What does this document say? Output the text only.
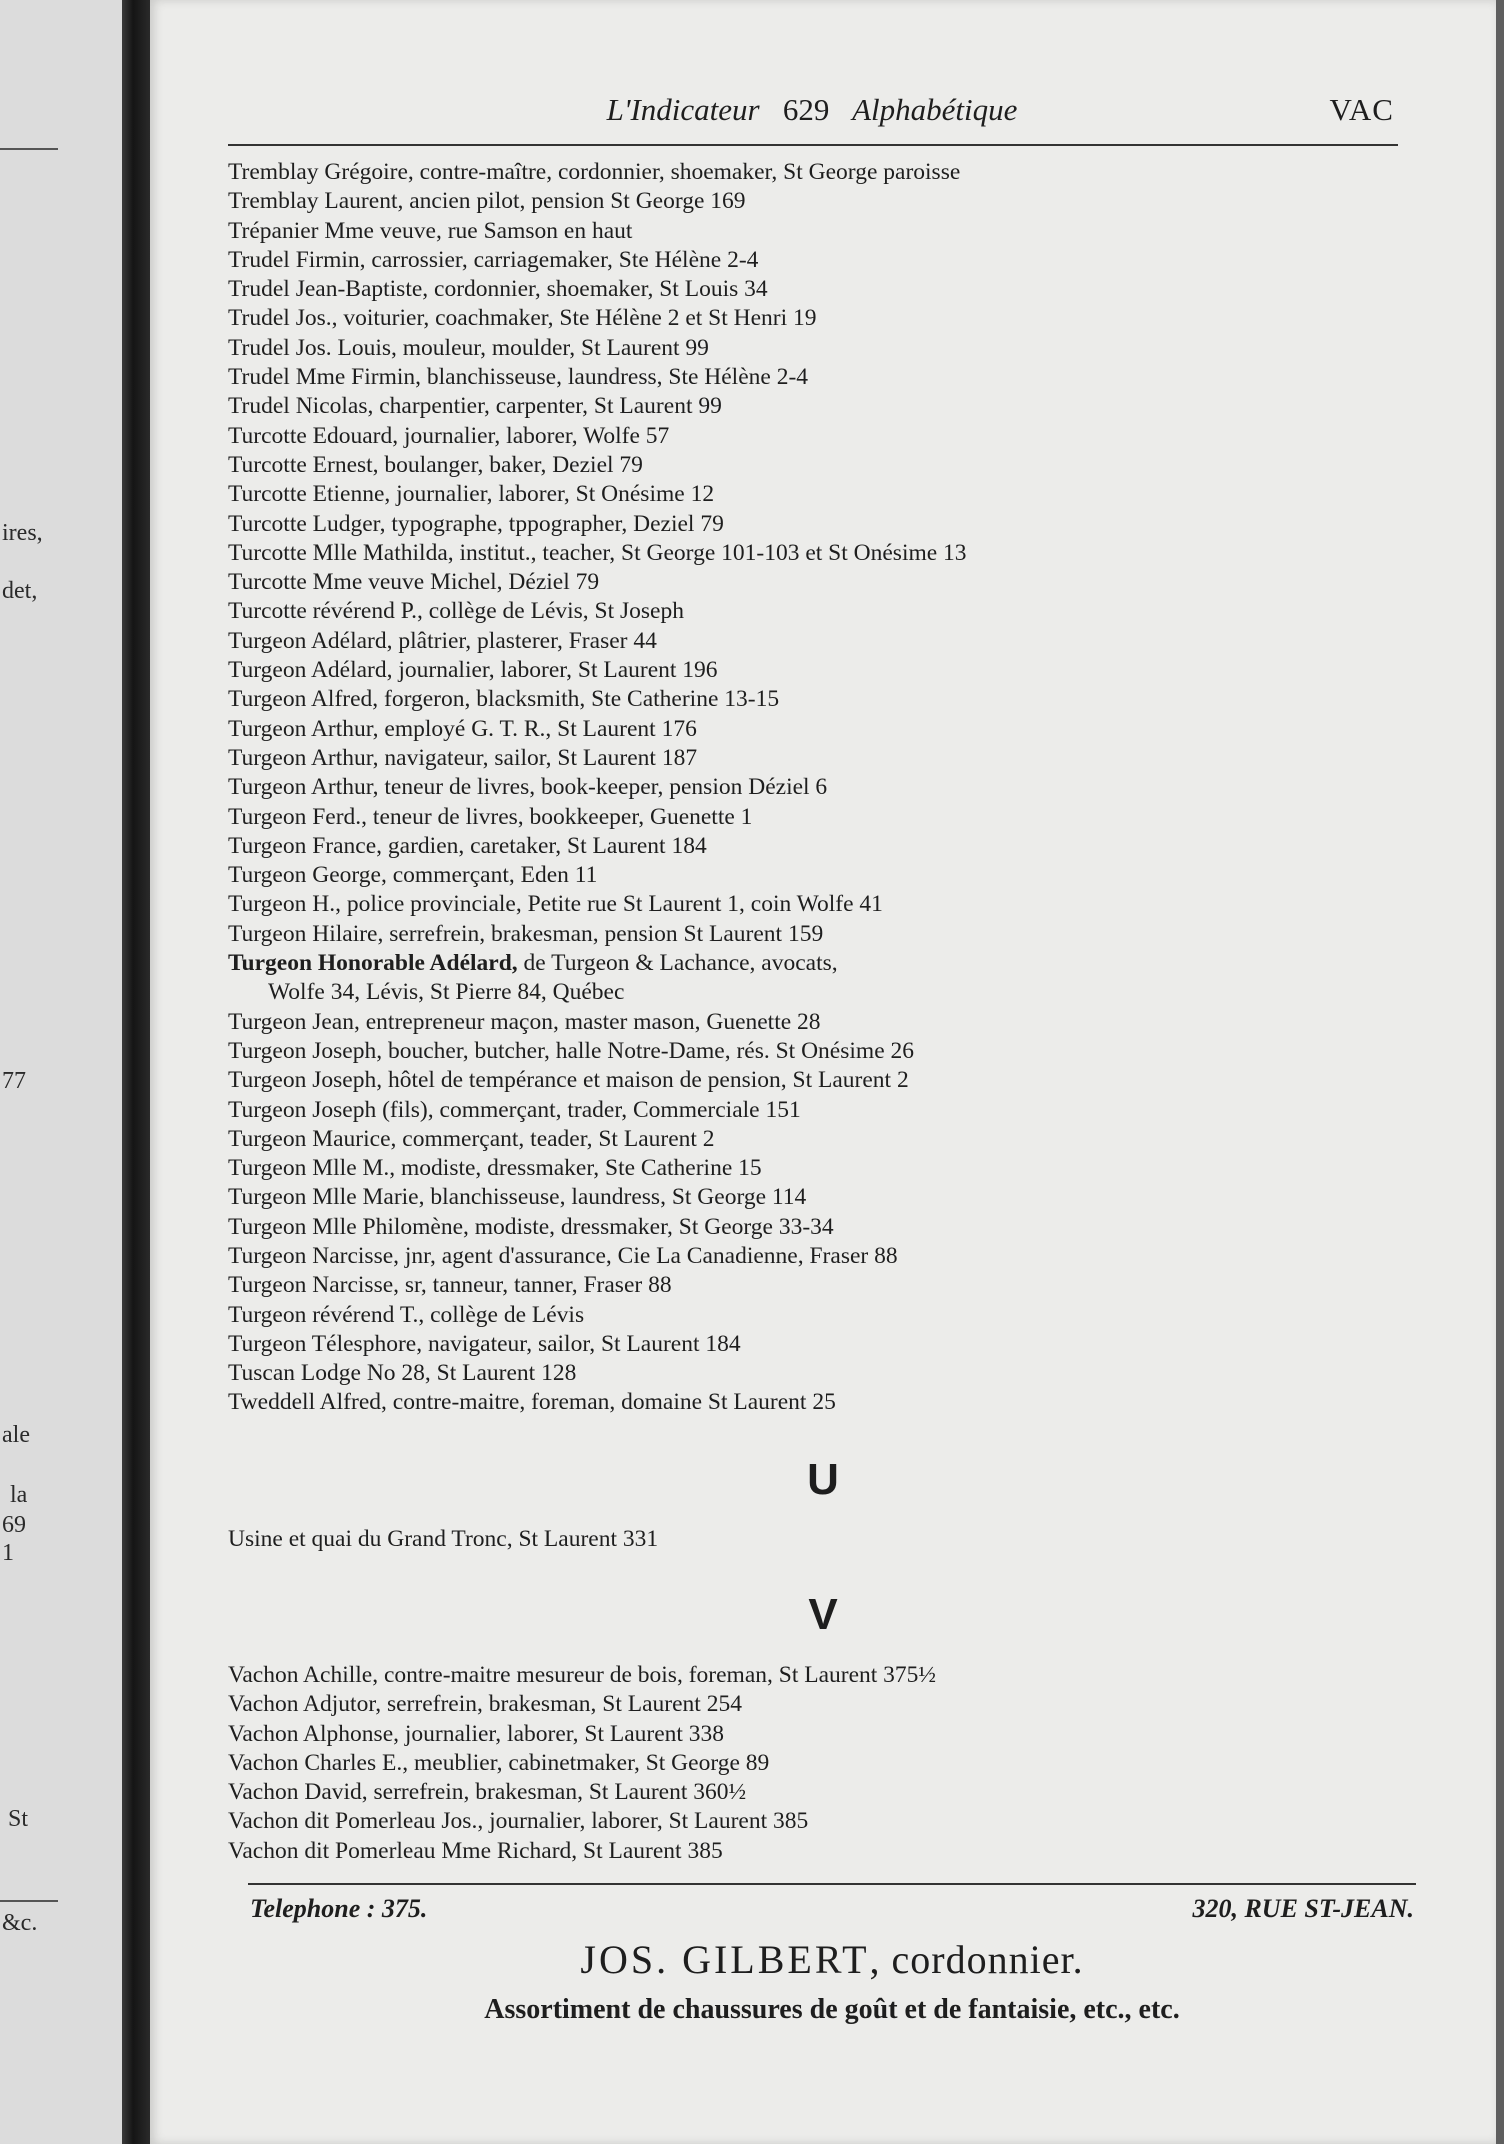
ires,
det,
77
ale
la
69
1
St
&c.
L'Indicateur 629 Alphabétique	VAC
Tremblay Grégoire, contre-maître, cordonnier, shoemaker, St George paroisse
Tremblay Laurent, ancien pilot, pension St George 169
Trépanier Mme veuve, rue Samson en haut
Trudel Firmin, carrossier, carriagemaker, Ste Hélène 2-4
Trudel Jean-Baptiste, cordonnier, shoemaker, St Louis 34
Trudel Jos., voiturier, coachmaker, Ste Hélène 2 et St Henri 19
Trudel Jos. Louis, mouleur, moulder, St Laurent 99
Trudel Mme Firmin, blanchisseuse, laundress, Ste Hélène 2-4
Trudel Nicolas, charpentier, carpenter, St Laurent 99
Turcotte Edouard, journalier, laborer, Wolfe 57
Turcotte Ernest, boulanger, baker, Deziel 79
Turcotte Etienne, journalier, laborer, St Onésime 12
Turcotte Ludger, typographe, tppographer, Deziel 79
Turcotte Mlle Mathilda, institut., teacher, St George 101-103 et St Onésime 13
Turcotte Mme veuve Michel, Déziel 79
Turcotte révérend P., collège de Lévis, St Joseph
Turgeon Adélard, plâtrier, plasterer, Fraser 44
Turgeon Adélard, journalier, laborer, St Laurent 196
Turgeon Alfred, forgeron, blacksmith, Ste Catherine 13-15
Turgeon Arthur, employé G. T. R., St Laurent 176
Turgeon Arthur, navigateur, sailor, St Laurent 187
Turgeon Arthur, teneur de livres, book-keeper, pension Déziel 6
Turgeon Ferd., teneur de livres, bookkeeper, Guenette 1
Turgeon France, gardien, caretaker, St Laurent 184
Turgeon George, commerçant, Eden 11
Turgeon H., police provinciale, Petite rue St Laurent 1, coin Wolfe 41
Turgeon Hilaire, serrefrein, brakesman, pension St Laurent 159
Turgeon Honorable Adélard, de Turgeon & Lachance, avocats,
Wolfe 34, Lévis, St Pierre 84, Québec
Turgeon Jean, entrepreneur maçon, master mason, Guenette 28
Turgeon Joseph, boucher, butcher, halle Notre-Dame, rés. St Onésime 26
Turgeon Joseph, hôtel de tempérance et maison de pension, St Laurent 2
Turgeon Joseph (fils), commerçant, trader, Commerciale 151
Turgeon Maurice, commerçant, teader, St Laurent 2
Turgeon Mlle M., modiste, dressmaker, Ste Catherine 15
Turgeon Mlle Marie, blanchisseuse, laundress, St George 114
Turgeon Mlle Philomène, modiste, dressmaker, St George 33-34
Turgeon Narcisse, jnr, agent d'assurance, Cie La Canadienne, Fraser 88
Turgeon Narcisse, sr, tanneur, tanner, Fraser 88
Turgeon révérend T., collège de Lévis
Turgeon Télesphore, navigateur, sailor, St Laurent 184
Tuscan Lodge No 28, St Laurent 128
Tweddell Alfred, contre-maitre, foreman, domaine St Laurent 25
U
Usine et quai du Grand Tronc, St Laurent 331
V
Vachon Achille, contre-maitre mesureur de bois, foreman, St Laurent 375½
Vachon Adjutor, serrefrein, brakesman, St Laurent 254
Vachon Alphonse, journalier, laborer, St Laurent 338
Vachon Charles E., meublier, cabinetmaker, St George 89
Vachon David, serrefrein, brakesman, St Laurent 360½
Vachon dit Pomerleau Jos., journalier, laborer, St Laurent 385
Vachon dit Pomerleau Mme Richard, St Laurent 385
Telephone : 375.	320, RUE ST-JEAN.
JOS. GILBERT, cordonnier.
Assortiment de chaussures de goût et de fantaisie, etc., etc.
